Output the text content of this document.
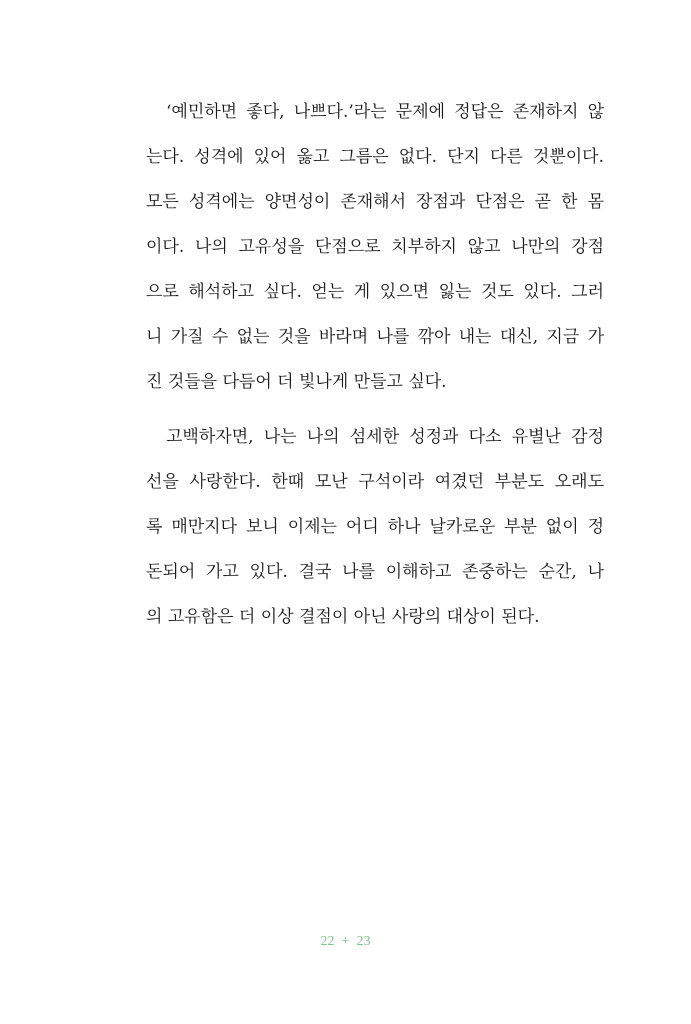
‘예민하면 좋다, 나쁘다.’라는 문제에 정답은 존재하지 않
는다. 성격에 있어 옳고 그름은 없다. 단지 다른 것뿐이다.
모든 성격에는 양면성이 존재해서 장점과 단점은 곧 한 몸
이다. 나의 고유성을 단점으로 치부하지 않고 나만의 강점
으로 해석하고 싶다. 얻는 게 있으면 잃는 것도 있다. 그러
니 가질 수 없는 것을 바라며 나를 깎아 내는 대신, 지금 가
진 것들을 다듬어 더 빛나게 만들고 싶다.

고백하자면, 나는 나의 섬세한 성정과 다소 유별난 감정
선을 사랑한다. 한때 모난 구석이라 여겼던 부분도 오래도
록 매만지다 보니 이제는 어디 하나 날카로운 부분 없이 정
돈되어 가고 있다. 결국 나를 이해하고 존중하는 순간, 나
의 고유함은 더 이상 결점이 아닌 사랑의 대상이 된다.

22 + 23
